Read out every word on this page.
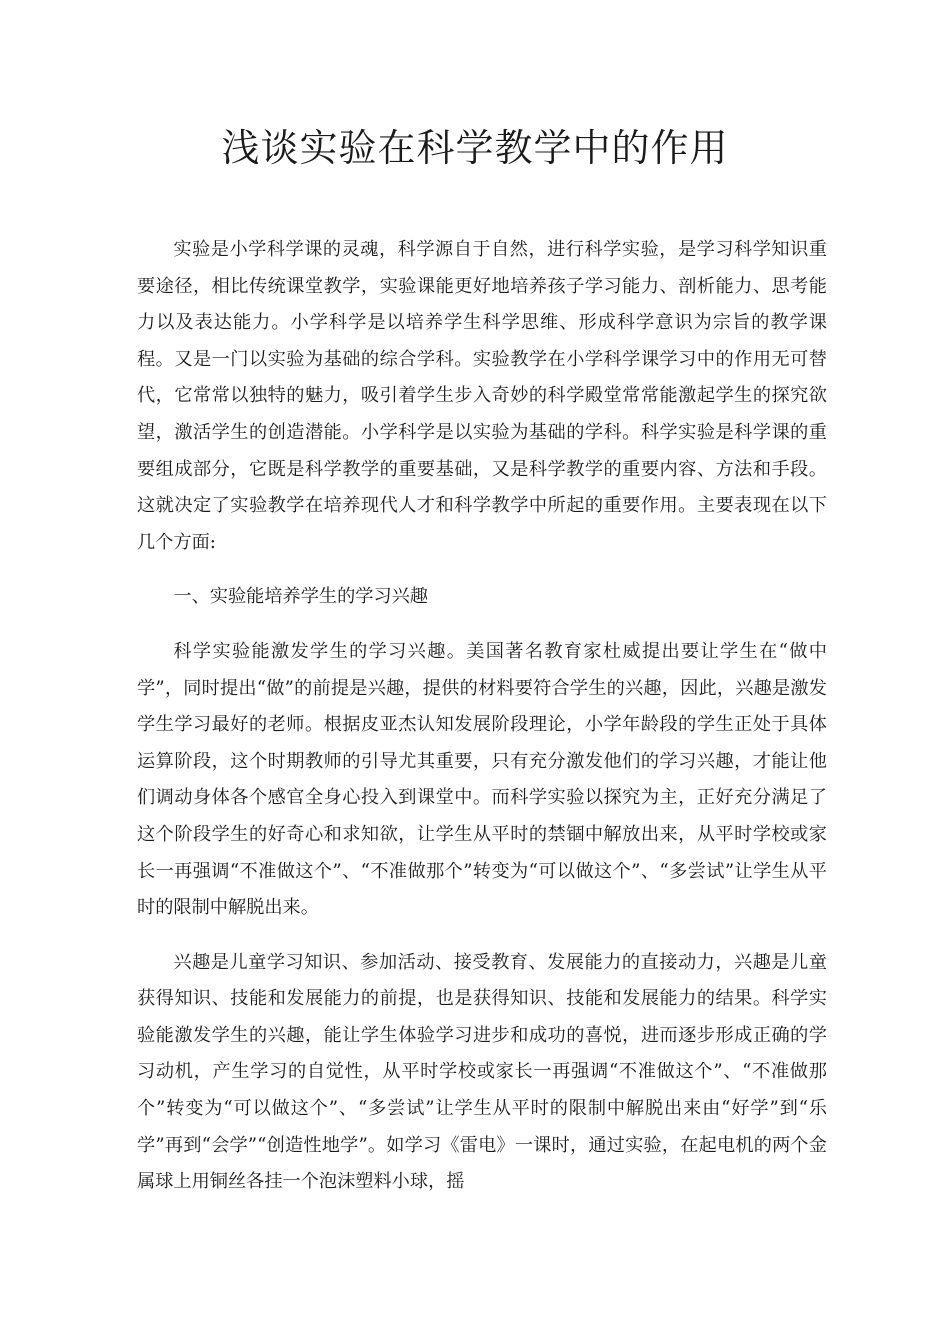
浅谈实验在科学教学中的作用

实验是小学科学课的灵魂，科学源自于自然，进行科学实验，是学习科学知识重要途径，相比传统课堂教学，实验课能更好地培养孩子学习能力、剖析能力、思考能力以及表达能力。小学科学是以培养学生科学思维、形成科学意识为宗旨的教学课程。又是一门以实验为基础的综合学科。实验教学在小学科学课学习中的作用无可替代，它常常以独特的魅力，吸引着学生步入奇妙的科学殿堂常常能激起学生的探究欲望，激活学生的创造潜能。小学科学是以实验为基础的学科。科学实验是科学课的重要组成部分，它既是科学教学的重要基础，又是科学教学的重要内容、方法和手段。这就决定了实验教学在培养现代人才和科学教学中所起的重要作用。主要表现在以下几个方面:

一、实验能培养学生的学习兴趣

科学实验能激发学生的学习兴趣。美国著名教育家杜威提出要让学生在“做中学”，同时提出“做”的前提是兴趣，提供的材料要符合学生的兴趣，因此，兴趣是激发学生学习最好的老师。根据皮亚杰认知发展阶段理论，小学年龄段的学生正处于具体运算阶段，这个时期教师的引导尤其重要，只有充分激发他们的学习兴趣，才能让他们调动身体各个感官全身心投入到课堂中。而科学实验以探究为主，正好充分满足了这个阶段学生的好奇心和求知欲，让学生从平时的禁锢中解放出来，从平时学校或家长一再强调“不准做这个”、“不准做那个”转变为“可以做这个”、“多尝试”让学生从平时的限制中解脱出来。

兴趣是儿童学习知识、参加活动、接受教育、发展能力的直接动力，兴趣是儿童获得知识、技能和发展能力的前提，也是获得知识、技能和发展能力的结果。科学实验能激发学生的兴趣，能让学生体验学习进步和成功的喜悦，进而逐步形成正确的学习动机，产生学习的自觉性，从平时学校或家长一再强调“不准做这个”、“不准做那个”转变为“可以做这个”、“多尝试”让学生从平时的限制中解脱出来由“好学”到“乐学”再到“会学”“创造性地学”。如学习《雷电》一课时，通过实验，在起电机的两个金属球上用铜丝各挂一个泡沫塑料小球，摇
